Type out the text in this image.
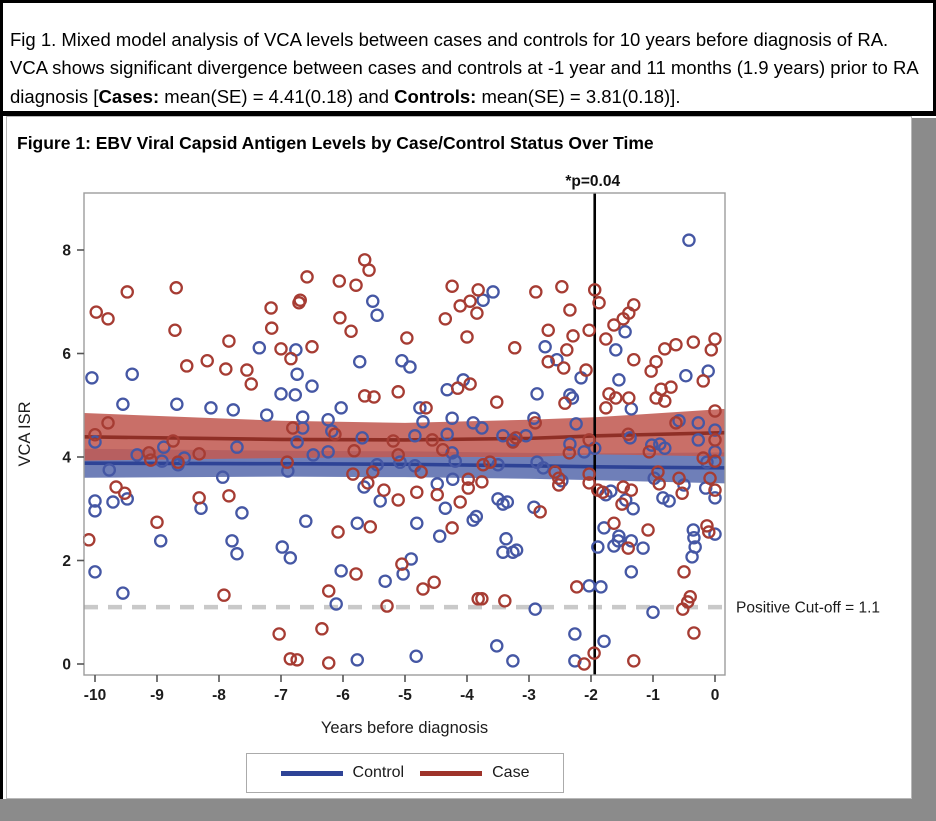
Fig 1. Mixed model analysis of VCA levels between cases and controls for 10 years before diagnosis of RA. VCA shows significant divergence between cases and controls at -1 year and 11 months (1.9 years) prior to RA diagnosis [Cases: mean(SE) = 4.41(0.18) and Controls: mean(SE) = 3.81(0.18)].

Figure 1: EBV Viral Capsid Antigen Levels by Case/Control Status Over Time
-10	-9	-8	-7	-6	-5	-4	-3	-2	-1	0
0
2
4
6
8
Years before diagnosis
VCA ISR
Positive Cut-off = 1.1
*p=0.04
Control	Case
